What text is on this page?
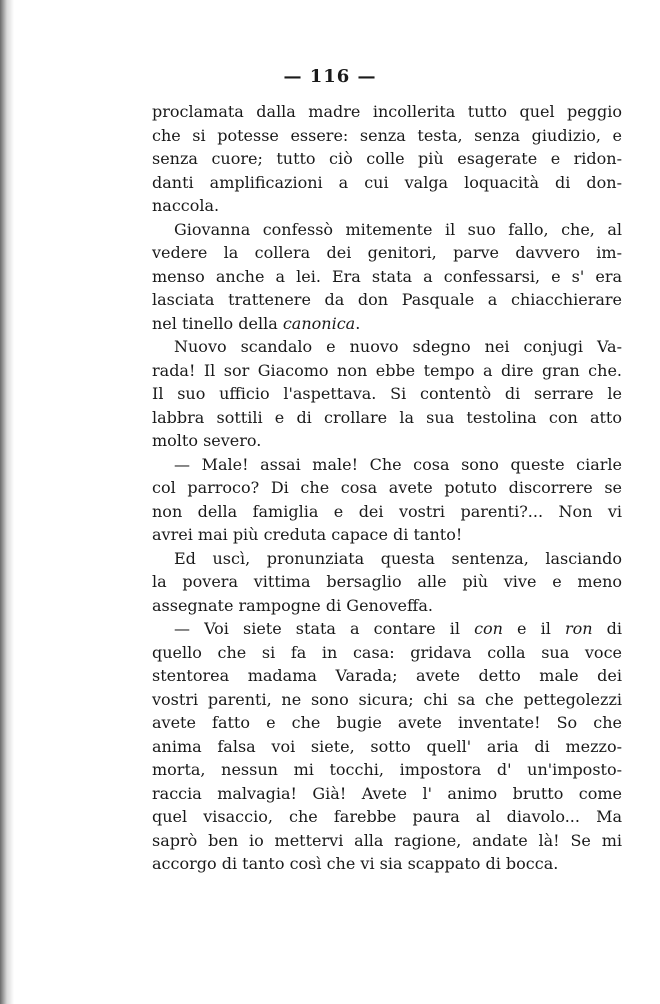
— 116 —
proclamata dalla madre incollerita tutto quel peggio
che si potesse essere: senza testa, senza giudizio, e
senza cuore; tutto ciò colle più esagerate e ridon-
danti amplificazioni a cui valga loquacità di don-
naccola.
Giovanna confessò mitemente il suo fallo, che, al
vedere la collera dei genitori, parve davvero im-
menso anche a lei. Era stata a confessarsi, e s' era
lasciata trattenere da don Pasquale a chiacchierare
nel tinello della canonica.
Nuovo scandalo e nuovo sdegno nei conjugi Va-
rada! Il sor Giacomo non ebbe tempo a dire gran che.
Il suo ufficio l'aspettava. Si contentò di serrare le
labbra sottili e di crollare la sua testolina con atto
molto severo.
— Male! assai male! Che cosa sono queste ciarle
col parroco? Di che cosa avete potuto discorrere se
non della famiglia e dei vostri parenti?... Non vi
avrei mai più creduta capace di tanto!
Ed uscì, pronunziata questa sentenza, lasciando
la povera vittima bersaglio alle più vive e meno
assegnate rampogne di Genoveffa.
— Voi siete stata a contare il con e il ron di
quello che si fa in casa: gridava colla sua voce
stentorea madama Varada; avete detto male dei
vostri parenti, ne sono sicura; chi sa che pettegolezzi
avete fatto e che bugie avete inventate! So che
anima falsa voi siete, sotto quell' aria di mezzo-
morta, nessun mi tocchi, impostora d' un'imposto-
raccia malvagia! Già! Avete l' animo brutto come
quel visaccio, che farebbe paura al diavolo... Ma
saprò ben io mettervi alla ragione, andate là! Se mi
accorgo di tanto così che vi sia scappato di bocca.
